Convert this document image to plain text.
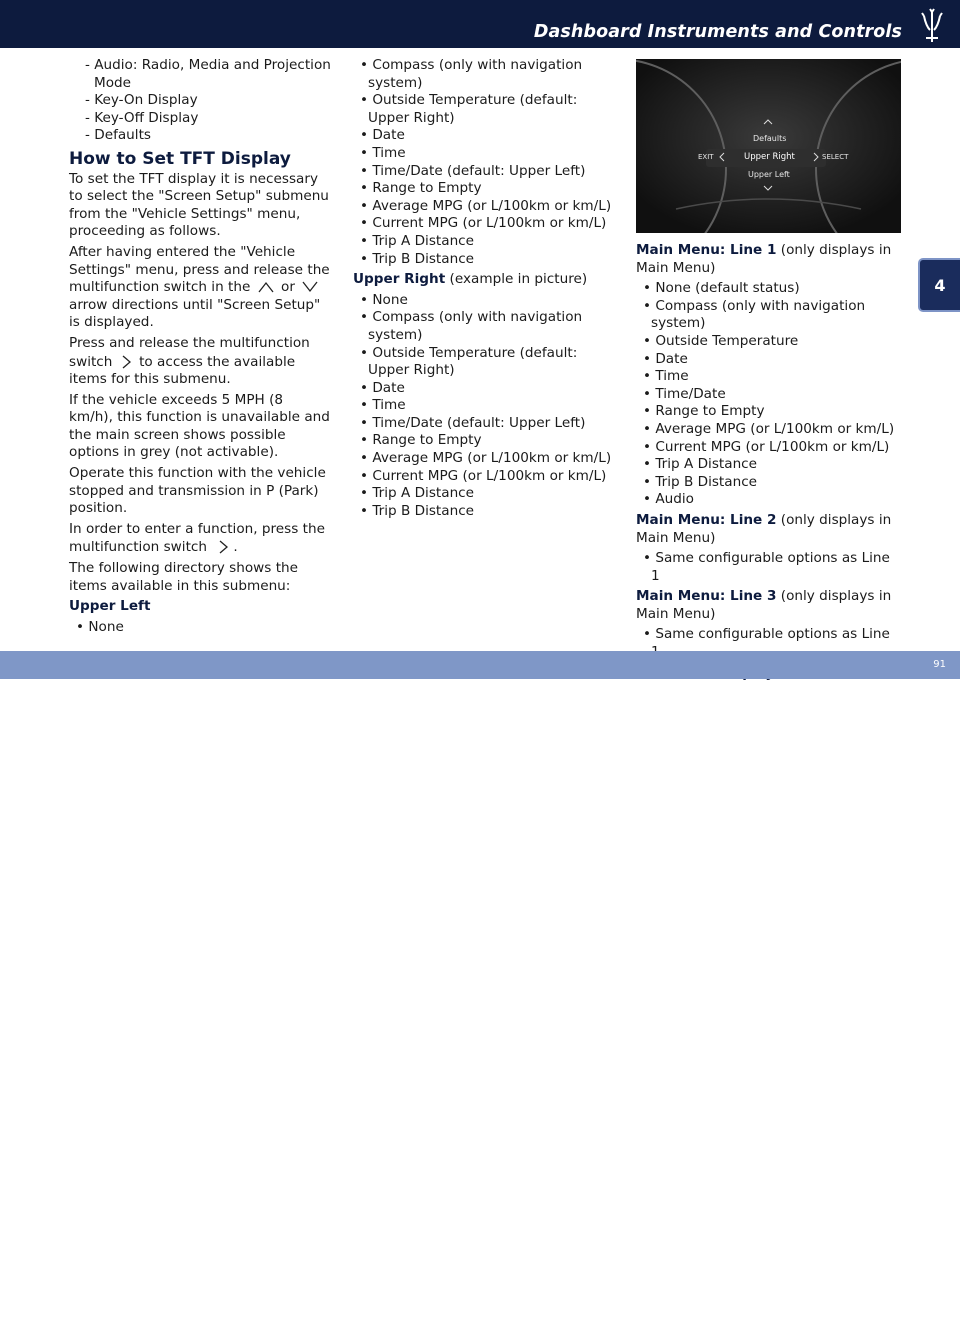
Dashboard Instruments and Controls
4
- Audio: Radio, Media and Projection Mode
- Key-On Display
- Key-Off Display
- Defaults
How to Set TFT Display

To set the TFT display it is necessary to select the "Screen Setup" submenu from the "Vehicle Settings" menu, proceeding as follows.

After having entered the "Vehicle Settings" menu, press and release the multifunction switch in the or  arrow directions until "Screen Setup" is displayed.

Press and release the multifunction switch to access the available items for this submenu.

If the vehicle exceeds 5 MPH (8 km/h), this function is unavailable and the main screen shows possible options in grey (not activable).

Operate this function with the vehicle stopped and transmission in P (Park) position.

In order to enter a function, press the multifunction switch .

The following directory shows the items available in this submenu:

Upper Left

• None
• Compass (only with navigation system)
• Outside Temperature (default: Upper Right)
• Date
• Time
• Time/Date (default: Upper Left)
• Range to Empty
• Average MPG (or L/100km or km/L)
• Current MPG (or L/100km or km/L)
• Trip A Distance
• Trip B Distance

Upper Right (example in picture)

• None
• Compass (only with navigation system)
• Outside Temperature (default: Upper Right)
• Date
• Time
• Time/Date (default: Upper Left)
• Range to Empty
• Average MPG (or L/100km or km/L)
• Current MPG (or L/100km or km/L)
• Trip A Distance
• Trip B Distance
Defaults
EXIT	Upper Right	SELECT
Upper Left

Main Menu: Line 1 (only displays in Main Menu)

• None (default status)
• Compass (only with navigation system)
• Outside Temperature
• Date
• Time
• Time/Date
• Range to Empty
• Average MPG (or L/100km or km/L)
• Current MPG (or L/100km or km/L)
• Trip A Distance
• Trip B Distance
• Audio

Main Menu: Line 2 (only displays in Main Menu)

• Same configurable options as Line 1

Main Menu: Line 3 (only displays in Main Menu)

• Same configurable options as Line

carmanualsonline.info
91
